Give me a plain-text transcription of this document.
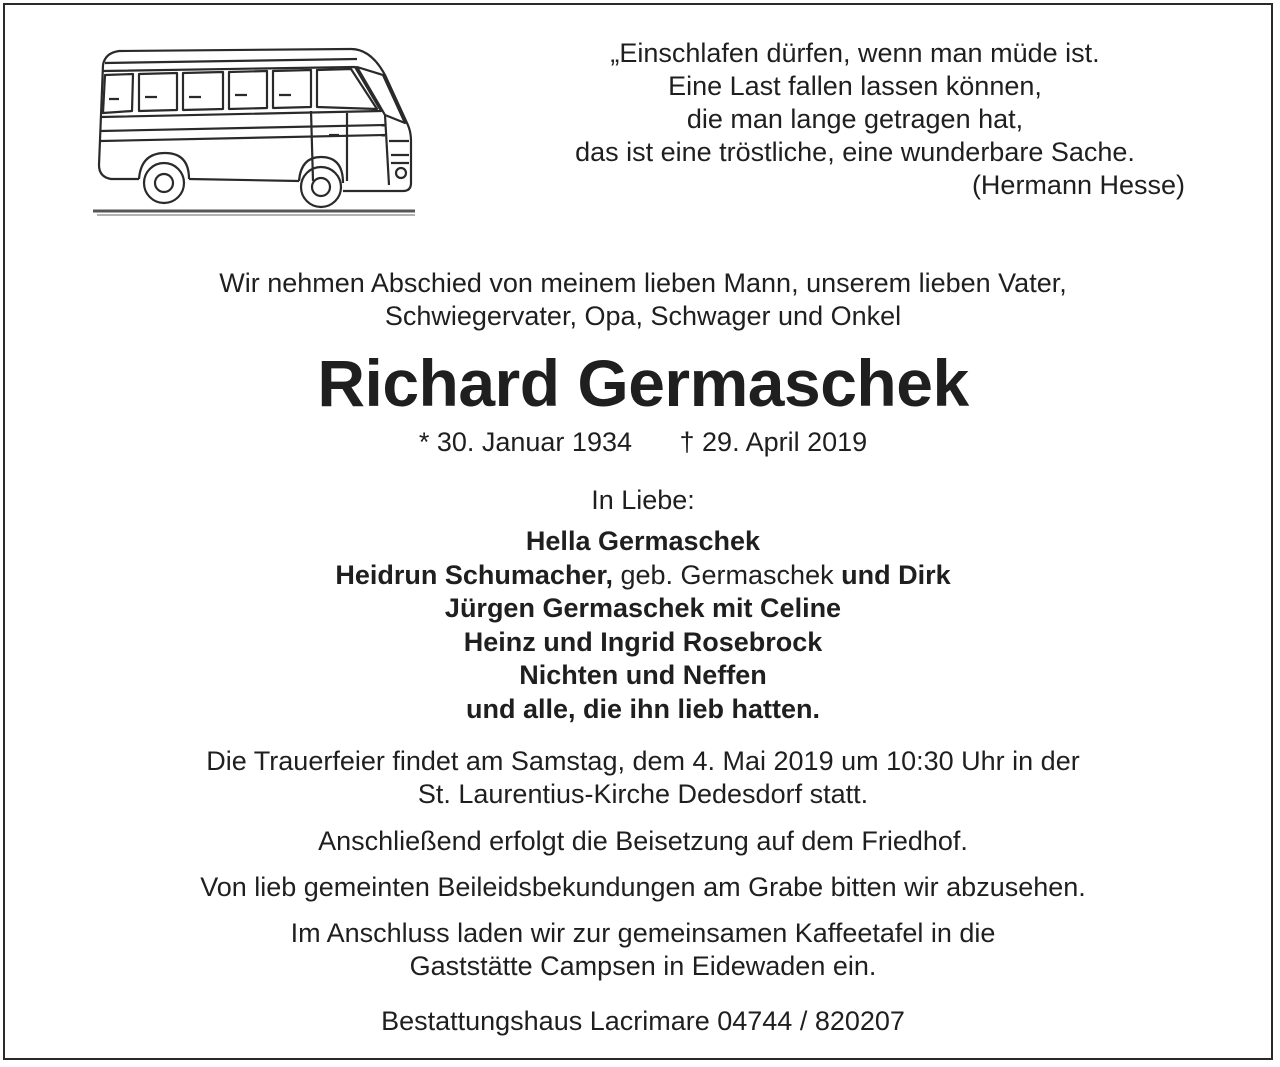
„Einschlafen dürfen, wenn man müde ist.
Eine Last fallen lassen können,
die man lange getragen hat,
das ist eine tröstliche, eine wunderbare Sache.
(Hermann Hesse)
Wir nehmen Abschied von meinem lieben Mann, unserem lieben Vater,
Schwiegervater, Opa, Schwager und Onkel
Richard Germaschek
* 30. Januar 1934 † 29. April 2019
In Liebe:
Hella Germaschek
Heidrun Schumacher, geb. Germaschek und Dirk
Jürgen Germaschek mit Celine
Heinz und Ingrid Rosebrock
Nichten und Neffen
und alle, die ihn lieb hatten.
Die Trauerfeier findet am Samstag, dem 4. Mai 2019 um 10:30 Uhr in der
St. Laurentius-Kirche Dedesdorf statt.
Anschließend erfolgt die Beisetzung auf dem Friedhof.
Von lieb gemeinten Beileidsbekundungen am Grabe bitten wir abzusehen.
Im Anschluss laden wir zur gemeinsamen Kaffeetafel in die
Gaststätte Campsen in Eidewaden ein.
Bestattungshaus Lacrimare 04744 / 820207
